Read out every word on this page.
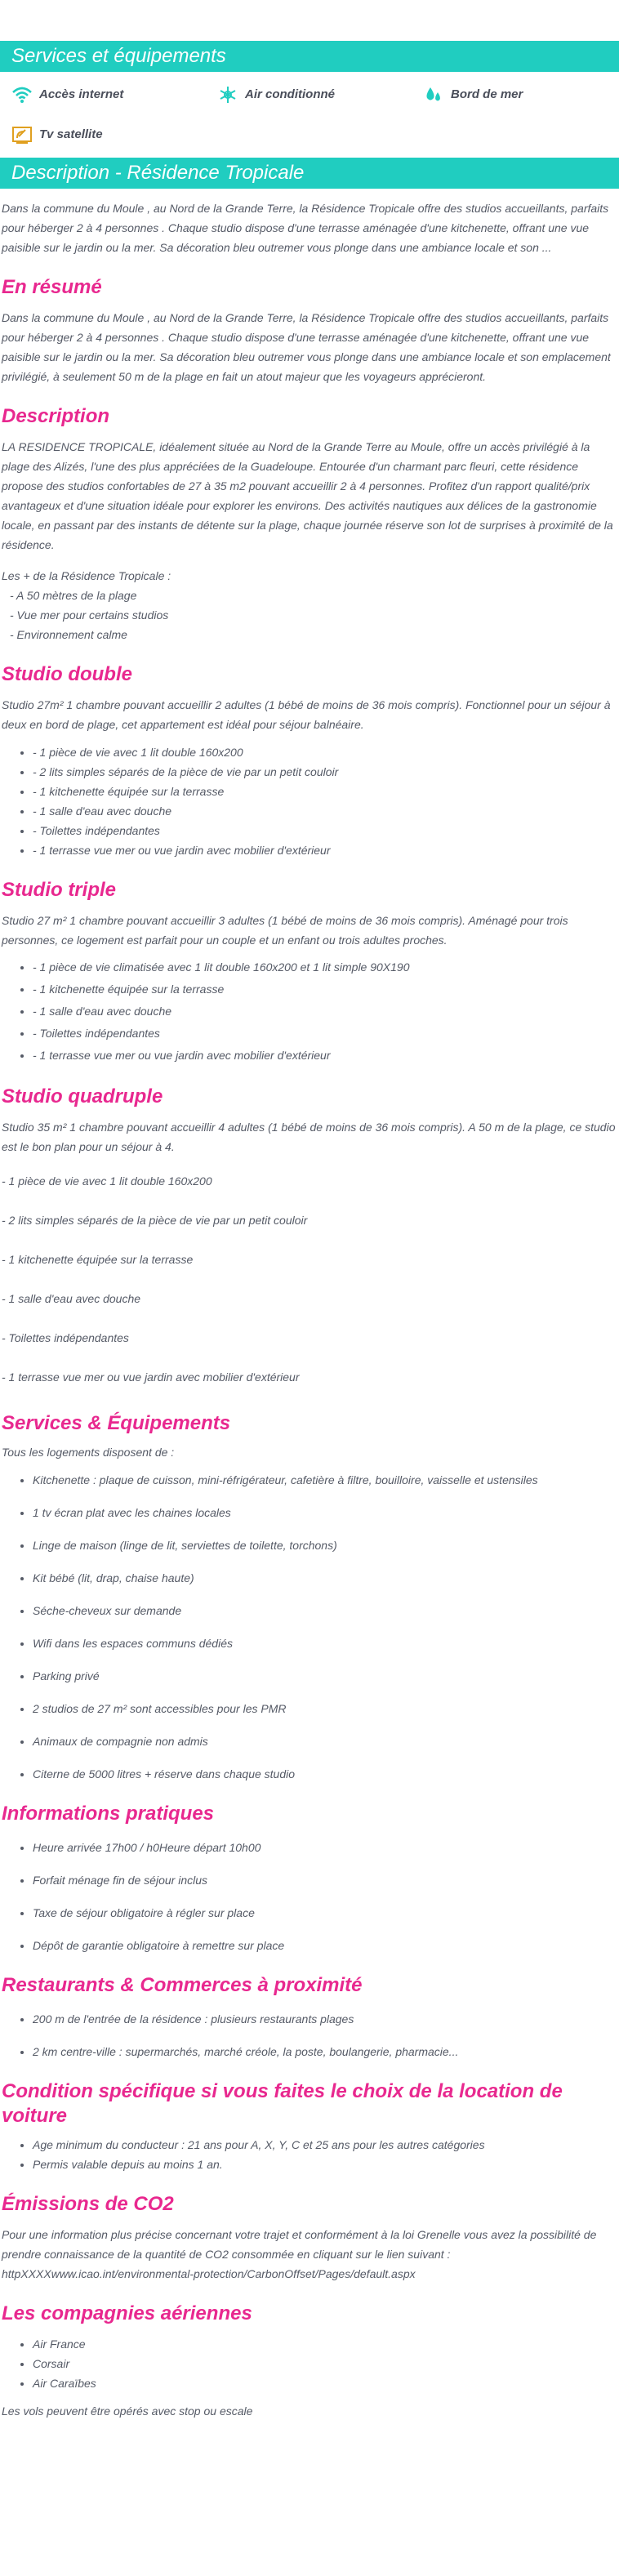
Services et équipements
Accès internet	Air conditionné	Bord de mer
Tv satellite
Description - Résidence Tropicale

Dans la commune du Moule , au Nord de la Grande Terre, la Résidence Tropicale offre des studios accueillants, parfaits pour héberger 2 à 4 personnes . Chaque studio dispose d'une terrasse aménagée d'une kitchenette, offrant une vue paisible sur le jardin ou la mer. Sa décoration bleu outremer vous plonge dans une ambiance locale et son ...

En résumé

Dans la commune du Moule , au Nord de la Grande Terre, la Résidence Tropicale offre des studios accueillants, parfaits pour héberger 2 à 4 personnes . Chaque studio dispose d'une terrasse aménagée d'une kitchenette, offrant une vue paisible sur le jardin ou la mer. Sa décoration bleu outremer vous plonge dans une ambiance locale et son emplacement privilégié, à seulement 50 m de la plage en fait un atout majeur que les voyageurs apprécieront.

Description

LA RESIDENCE TROPICALE, idéalement située au Nord de la Grande Terre au Moule, offre un accès privilégié à la plage des Alizés, l'une des plus appréciées de la Guadeloupe. Entourée d'un charmant parc fleuri, cette résidence propose des studios confortables de 27 à 35 m2 pouvant accueillir 2 à 4 personnes. Profitez d'un rapport qualité/prix avantageux et d'une situation idéale pour explorer les environs. Des activités nautiques aux délices de la gastronomie locale, en passant par des instants de détente sur la plage, chaque journée réserve son lot de surprises à proximité de la résidence.

Les + de la Résidence Tropicale :

- A 50 mètres de la plage
- Vue mer pour certains studios
- Environnement calme
Studio double

Studio 27m² 1 chambre pouvant accueillir 2 adultes (1 bébé de moins de 36 mois compris). Fonctionnel pour un séjour à deux en bord de plage, cet appartement est idéal pour séjour balnéaire.

• - 1 pièce de vie avec 1 lit double 160x200
• - 2 lits simples séparés de la pièce de vie par un petit couloir
• - 1 kitchenette équipée sur la terrasse
• - 1 salle d'eau avec douche
• - Toilettes indépendantes
• - 1 terrasse vue mer ou vue jardin avec mobilier d'extérieur
Studio triple

Studio 27 m² 1 chambre pouvant accueillir 3 adultes (1 bébé de moins de 36 mois compris). Aménagé pour trois personnes, ce logement est parfait pour un couple et un enfant ou trois adultes proches.

• - 1 pièce de vie climatisée avec 1 lit double 160x200 et 1 lit simple 90X190
• - 1 kitchenette équipée sur la terrasse
• - 1 salle d'eau avec douche
• - Toilettes indépendantes
• - 1 terrasse vue mer ou vue jardin avec mobilier d'extérieur
Studio quadruple

Studio 35 m² 1 chambre pouvant accueillir 4 adultes (1 bébé de moins de 36 mois compris). A 50 m de la plage, ce studio est le bon plan pour un séjour à 4.

- 1 pièce de vie avec 1 lit double 160x200
- 2 lits simples séparés de la pièce de vie par un petit couloir
- 1 kitchenette équipée sur la terrasse
- 1 salle d'eau avec douche
- Toilettes indépendantes
- 1 terrasse vue mer ou vue jardin avec mobilier d'extérieur
Services & Équipements

Tous les logements disposent de :

• Kitchenette : plaque de cuisson, mini-réfrigérateur, cafetière à filtre, bouilloire, vaisselle et ustensiles
• 1 tv écran plat avec les chaines locales
• Linge de maison (linge de lit, serviettes de toilette, torchons)
• Kit bébé (lit, drap, chaise haute)
• Séche-cheveux sur demande
• Wifi dans les espaces communs dédiés
• Parking privé
• 2 studios de 27 m² sont accessibles pour les PMR
• Animaux de compagnie non admis
• Citerne de 5000 litres + réserve dans chaque studio
Informations pratiques
• Heure arrivée 17h00 / h0Heure départ 10h00
• Forfait ménage fin de séjour inclus
• Taxe de séjour obligatoire à régler sur place
• Dépôt de garantie obligatoire à remettre sur place
Restaurants & Commerces à proximité
• 200 m de l'entrée de la résidence : plusieurs restaurants plages
• 2 km centre-ville : supermarchés, marché créole, la poste, boulangerie, pharmacie...
Condition spécifique si vous faites le choix de la location de voiture
• Age minimum du conducteur : 21 ans pour A, X, Y, C et 25 ans pour les autres catégories
• Permis valable depuis au moins 1 an.
Émissions de CO2

Pour une information plus précise concernant votre trajet et conformément à la loi Grenelle vous avez la possibilité de prendre connaissance de la quantité de CO2 consommée en cliquant sur le lien suivant : httpXXXXwww.icao.int/environmental-protection/CarbonOffset/Pages/default.aspx

Les compagnies aériennes
• Air France
• Corsair
• Air Caraïbes

Les vols peuvent être opérés avec stop ou escale
